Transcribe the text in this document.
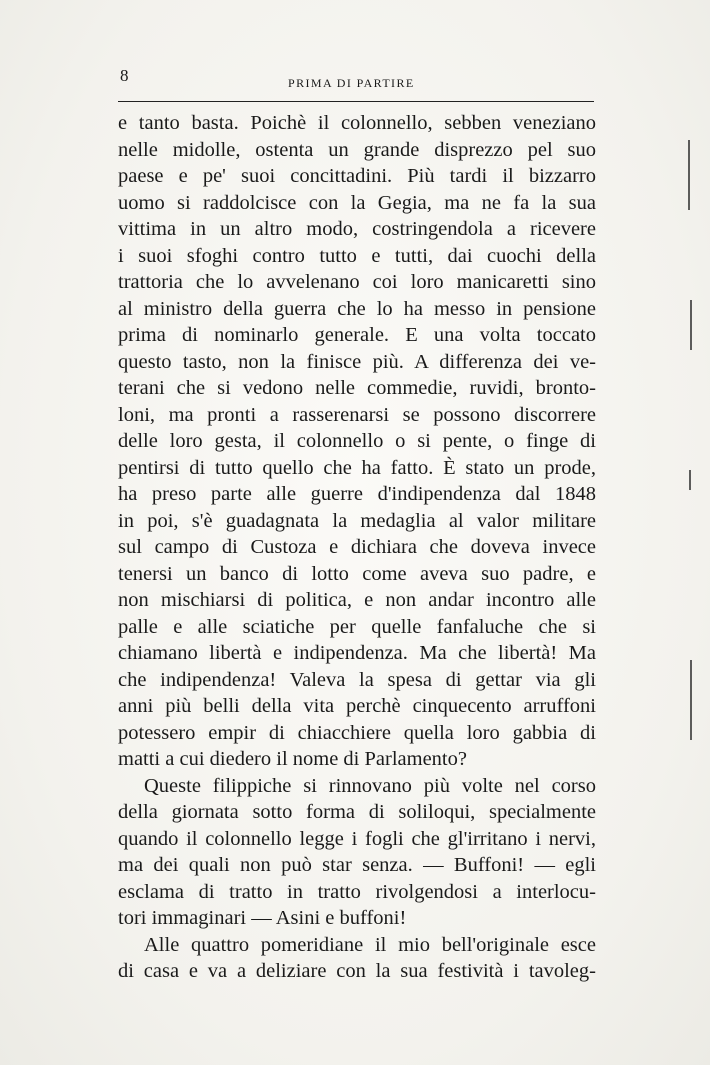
8	PRIMA DI PARTIRE
e tanto basta. Poichè il colonnello, sebben veneziano
nelle midolle, ostenta un grande disprezzo pel suo
paese e pe' suoi concittadini. Più tardi il bizzarro
uomo si raddolcisce con la Gegia, ma ne fa la sua
vittima in un altro modo, costringendola a ricevere
i suoi sfoghi contro tutto e tutti, dai cuochi della
trattoria che lo avvelenano coi loro manicaretti sino
al ministro della guerra che lo ha messo in pensione
prima di nominarlo generale. E una volta toccato
questo tasto, non la finisce più. A differenza dei ve-
terani che si vedono nelle commedie, ruvidi, bronto-
loni, ma pronti a rasserenarsi se possono discorrere
delle loro gesta, il colonnello o si pente, o finge di
pentirsi di tutto quello che ha fatto. È stato un prode,
ha preso parte alle guerre d'indipendenza dal 1848
in poi, s'è guadagnata la medaglia al valor militare
sul campo di Custoza e dichiara che doveva invece
tenersi un banco di lotto come aveva suo padre, e
non mischiarsi di politica, e non andar incontro alle
palle e alle sciatiche per quelle fanfaluche che si
chiamano libertà e indipendenza. Ma che libertà! Ma
che indipendenza! Valeva la spesa di gettar via gli
anni più belli della vita perchè cinquecento arruffoni
potessero empir di chiacchiere quella loro gabbia di
matti a cui diedero il nome di Parlamento?
Queste filippiche si rinnovano più volte nel corso
della giornata sotto forma di soliloqui, specialmente
quando il colonnello legge i fogli che gl'irritano i nervi,
ma dei quali non può star senza. — Buffoni! — egli
esclama di tratto in tratto rivolgendosi a interlocu-
tori immaginari — Asini e buffoni!
Alle quattro pomeridiane il mio bell'originale esce
di casa e va a deliziare con la sua festività i tavoleg-
